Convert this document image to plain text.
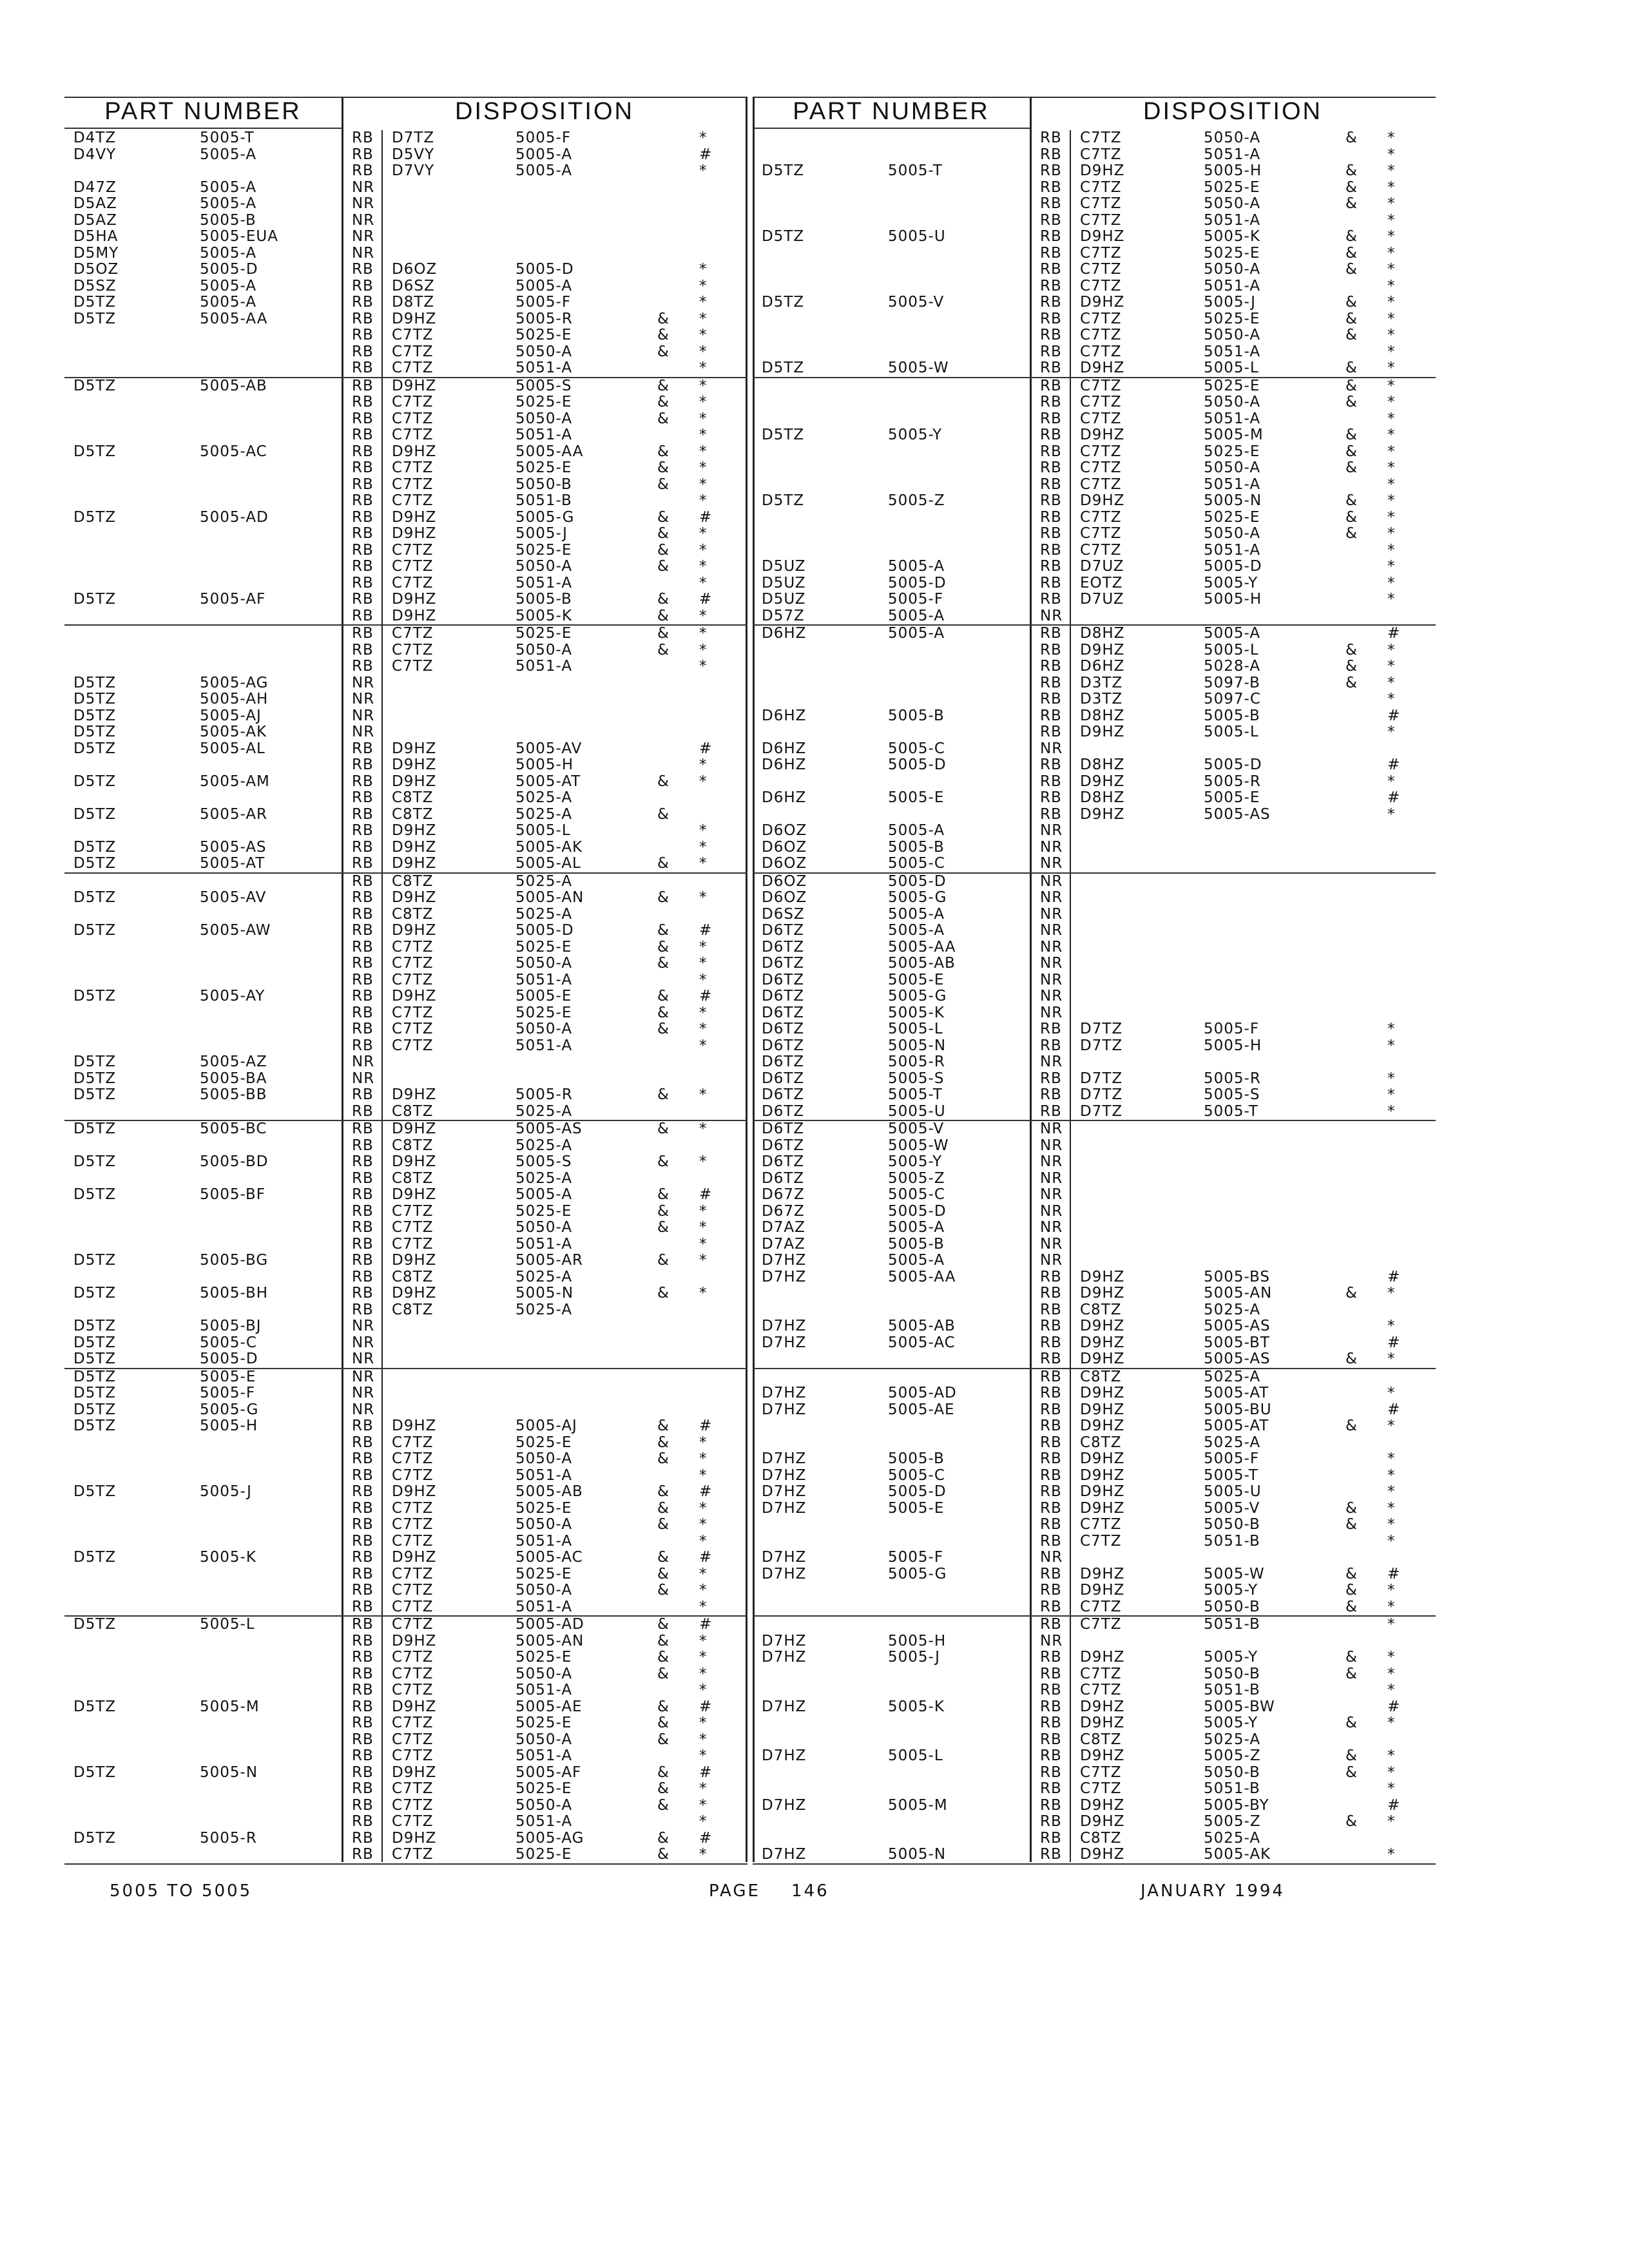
PART NUMBER	DISPOSITION
D4TZ	5005-T	RB D7TZ	5005-F	*
D4VY	5005-A	RB D5VY	5005-A	#
RB D7VY	5005-A	*
D47Z	5005-A	NR
D5AZ	5005-A	NR
D5AZ	5005-B	NR
D5HA	5005-EUA	NR
D5MY	5005-A	NR
D5OZ	5005-D	RB D6OZ	5005-D	*
D5SZ	5005-A	RB D6SZ	5005-A	*
D5TZ	5005-A	RB D8TZ	5005-F	*
D5TZ	5005-AA	RB D9HZ	5005-R	& *
RB C7TZ	5025-E	& *
RB C7TZ	5050-A	& *
RB C7TZ	5051-A	*
D5TZ	5005-AB	RB D9HZ	5005-S	& *
RB C7TZ	5025-E	& *
RB C7TZ	5050-A	& *
RB C7TZ	5051-A	*
D5TZ	5005-AC	RB D9HZ	5005-AA	& *
RB C7TZ	5025-E	& *
RB C7TZ	5050-B	& *
RB C7TZ	5051-B	*
D5TZ	5005-AD	RB D9HZ	5005-G	& #
RB D9HZ	5005-J	& *
RB C7TZ	5025-E	& *
RB C7TZ	5050-A	& *
RB C7TZ	5051-A	*
D5TZ	5005-AF	RB D9HZ	5005-B	& #
RB D9HZ	5005-K	& *
RB C7TZ	5025-E	& *
RB C7TZ	5050-A	& *
RB C7TZ	5051-A	*
D5TZ	5005-AG	NR
D5TZ	5005-AH	NR
D5TZ	5005-AJ	NR
D5TZ	5005-AK	NR
D5TZ	5005-AL	RB D9HZ	5005-AV	#
RB D9HZ	5005-H	*
D5TZ	5005-AM	RB D9HZ	5005-AT	& *
RB C8TZ	5025-A
D5TZ	5005-AR	RB C8TZ	5025-A	&
RB D9HZ	5005-L	*
D5TZ	5005-AS	RB D9HZ	5005-AK	*
D5TZ	5005-AT	RB D9HZ	5005-AL	& *
RB C8TZ	5025-A
D5TZ	5005-AV	RB D9HZ	5005-AN	& *
RB C8TZ	5025-A
D5TZ	5005-AW	RB D9HZ	5005-D	& #
RB C7TZ	5025-E	& *
RB C7TZ	5050-A	& *
RB C7TZ	5051-A	*
D5TZ	5005-AY	RB D9HZ	5005-E	& #
RB C7TZ	5025-E	& *
RB C7TZ	5050-A	& *
RB C7TZ	5051-A	*
D5TZ	5005-AZ	NR
D5TZ	5005-BA	NR
D5TZ	5005-BB	RB D9HZ	5005-R	& *
RB C8TZ	5025-A
D5TZ	5005-BC	RB D9HZ	5005-AS	& *
RB C8TZ	5025-A
D5TZ	5005-BD	RB D9HZ	5005-S	& *
RB C8TZ	5025-A
D5TZ	5005-BF	RB D9HZ	5005-A	& #
RB C7TZ	5025-E	& *
RB C7TZ	5050-A	& *
RB C7TZ	5051-A	*
D5TZ	5005-BG	RB D9HZ	5005-AR	& *
RB C8TZ	5025-A
D5TZ	5005-BH	RB D9HZ	5005-N	& *
RB C8TZ	5025-A
D5TZ	5005-BJ	NR
D5TZ	5005-C	NR
D5TZ	5005-D	NR
D5TZ	5005-E	NR
D5TZ	5005-F	NR
D5TZ	5005-G	NR
D5TZ	5005-H	RB D9HZ	5005-AJ	& #
RB C7TZ	5025-E	& *
RB C7TZ	5050-A	& *
RB C7TZ	5051-A	*
D5TZ	5005-J	RB D9HZ	5005-AB	& #
RB C7TZ	5025-E	& *
RB C7TZ	5050-A	& *
RB C7TZ	5051-A	*
D5TZ	5005-K	RB D9HZ	5005-AC	& #
RB C7TZ	5025-E	& *
RB C7TZ	5050-A	& *
RB C7TZ	5051-A	*
D5TZ	5005-L	RB C7TZ	5005-AD	& #
RB D9HZ	5005-AN	& *
RB C7TZ	5025-E	& *
RB C7TZ	5050-A	& *
RB C7TZ	5051-A	*
D5TZ	5005-M	RB D9HZ	5005-AE	& #
RB C7TZ	5025-E	& *
RB C7TZ	5050-A	& *
RB C7TZ	5051-A	*
D5TZ	5005-N	RB D9HZ	5005-AF	& #
RB C7TZ	5025-E	& *
RB C7TZ	5050-A	& *
RB C7TZ	5051-A	*
D5TZ	5005-R	RB D9HZ	5005-AG	& #
RB C7TZ	5025-E	& *
PART NUMBER	DISPOSITION
RB C7TZ	5050-A	& *
RB C7TZ	5051-A	*
D5TZ	5005-T	RB D9HZ	5005-H	& *
RB C7TZ	5025-E	& *
RB C7TZ	5050-A	& *
RB C7TZ	5051-A	*
D5TZ	5005-U	RB D9HZ	5005-K	& *
RB C7TZ	5025-E	& *
RB C7TZ	5050-A	& *
RB C7TZ	5051-A	*
D5TZ	5005-V	RB D9HZ	5005-J	& *
RB C7TZ	5025-E	& *
RB C7TZ	5050-A	& *
RB C7TZ	5051-A	*
D5TZ	5005-W	RB D9HZ	5005-L	& *
RB C7TZ	5025-E	& *
RB C7TZ	5050-A	& *
RB C7TZ	5051-A	*
D5TZ	5005-Y	RB D9HZ	5005-M	& *
RB C7TZ	5025-E	& *
RB C7TZ	5050-A	& *
RB C7TZ	5051-A	*
D5TZ	5005-Z	RB D9HZ	5005-N	& *
RB C7TZ	5025-E	& *
RB C7TZ	5050-A	& *
RB C7TZ	5051-A	*
D5UZ	5005-A	RB D7UZ	5005-D	*
D5UZ	5005-D	RB EOTZ	5005-Y	*
D5UZ	5005-F	RB D7UZ	5005-H	*
D57Z	5005-A	NR
D6HZ	5005-A	RB D8HZ	5005-A	#
RB D9HZ	5005-L	& *
RB D6HZ	5028-A	& *
RB D3TZ	5097-B	& *
RB D3TZ	5097-C	*
D6HZ	5005-B	RB D8HZ	5005-B	#
RB D9HZ	5005-L	*
D6HZ	5005-C	NR
D6HZ	5005-D	RB D8HZ	5005-D	#
RB D9HZ	5005-R	*
D6HZ	5005-E	RB D8HZ	5005-E	#
RB D9HZ	5005-AS	*
D6OZ	5005-A	NR
D6OZ	5005-B	NR
D6OZ	5005-C	NR
D6OZ	5005-D	NR
D6OZ	5005-G	NR
D6SZ	5005-A	NR
D6TZ	5005-A	NR
D6TZ	5005-AA	NR
D6TZ	5005-AB	NR
D6TZ	5005-E	NR
D6TZ	5005-G	NR
D6TZ	5005-K	NR
D6TZ	5005-L	RB D7TZ	5005-F	*
D6TZ	5005-N	RB D7TZ	5005-H	*
D6TZ	5005-R	NR
D6TZ	5005-S	RB D7TZ	5005-R	*
D6TZ	5005-T	RB D7TZ	5005-S	*
D6TZ	5005-U	RB D7TZ	5005-T	*
D6TZ	5005-V	NR
D6TZ	5005-W	NR
D6TZ	5005-Y	NR
D6TZ	5005-Z	NR
D67Z	5005-C	NR
D67Z	5005-D	NR
D7AZ	5005-A	NR
D7AZ	5005-B	NR
D7HZ	5005-A	NR
D7HZ	5005-AA	RB D9HZ	5005-BS	#
RB D9HZ	5005-AN	& *
RB C8TZ	5025-A
D7HZ	5005-AB	RB D9HZ	5005-AS	*
D7HZ	5005-AC	RB D9HZ	5005-BT	#
RB D9HZ	5005-AS	& *
RB C8TZ	5025-A
D7HZ	5005-AD	RB D9HZ	5005-AT	*
D7HZ	5005-AE	RB D9HZ	5005-BU	#
RB D9HZ	5005-AT	& *
RB C8TZ	5025-A
D7HZ	5005-B	RB D9HZ	5005-F	*
D7HZ	5005-C	RB D9HZ	5005-T	*
D7HZ	5005-D	RB D9HZ	5005-U	*
D7HZ	5005-E	RB D9HZ	5005-V	& *
RB C7TZ	5050-B	& *
RB C7TZ	5051-B	*
D7HZ	5005-F	NR
D7HZ	5005-G	RB D9HZ	5005-W	& #
RB D9HZ	5005-Y	& *
RB C7TZ	5050-B	& *
RB C7TZ	5051-B	*
D7HZ	5005-H	NR
D7HZ	5005-J	RB D9HZ	5005-Y	& *
RB C7TZ	5050-B	& *
RB C7TZ	5051-B	*
D7HZ	5005-K	RB D9HZ	5005-BW	#
RB D9HZ	5005-Y	& *
RB C8TZ	5025-A
D7HZ	5005-L	RB D9HZ	5005-Z	& *
RB C7TZ	5050-B	& *
RB C7TZ	5051-B	*
D7HZ	5005-M	RB D9HZ	5005-BY	#
RB D9HZ	5005-Z	& *
RB C8TZ	5025-A
D7HZ	5005-N	RB D9HZ	5005-AK	*
5005 TO 5005	PAGE 146	JANUARY 1994
